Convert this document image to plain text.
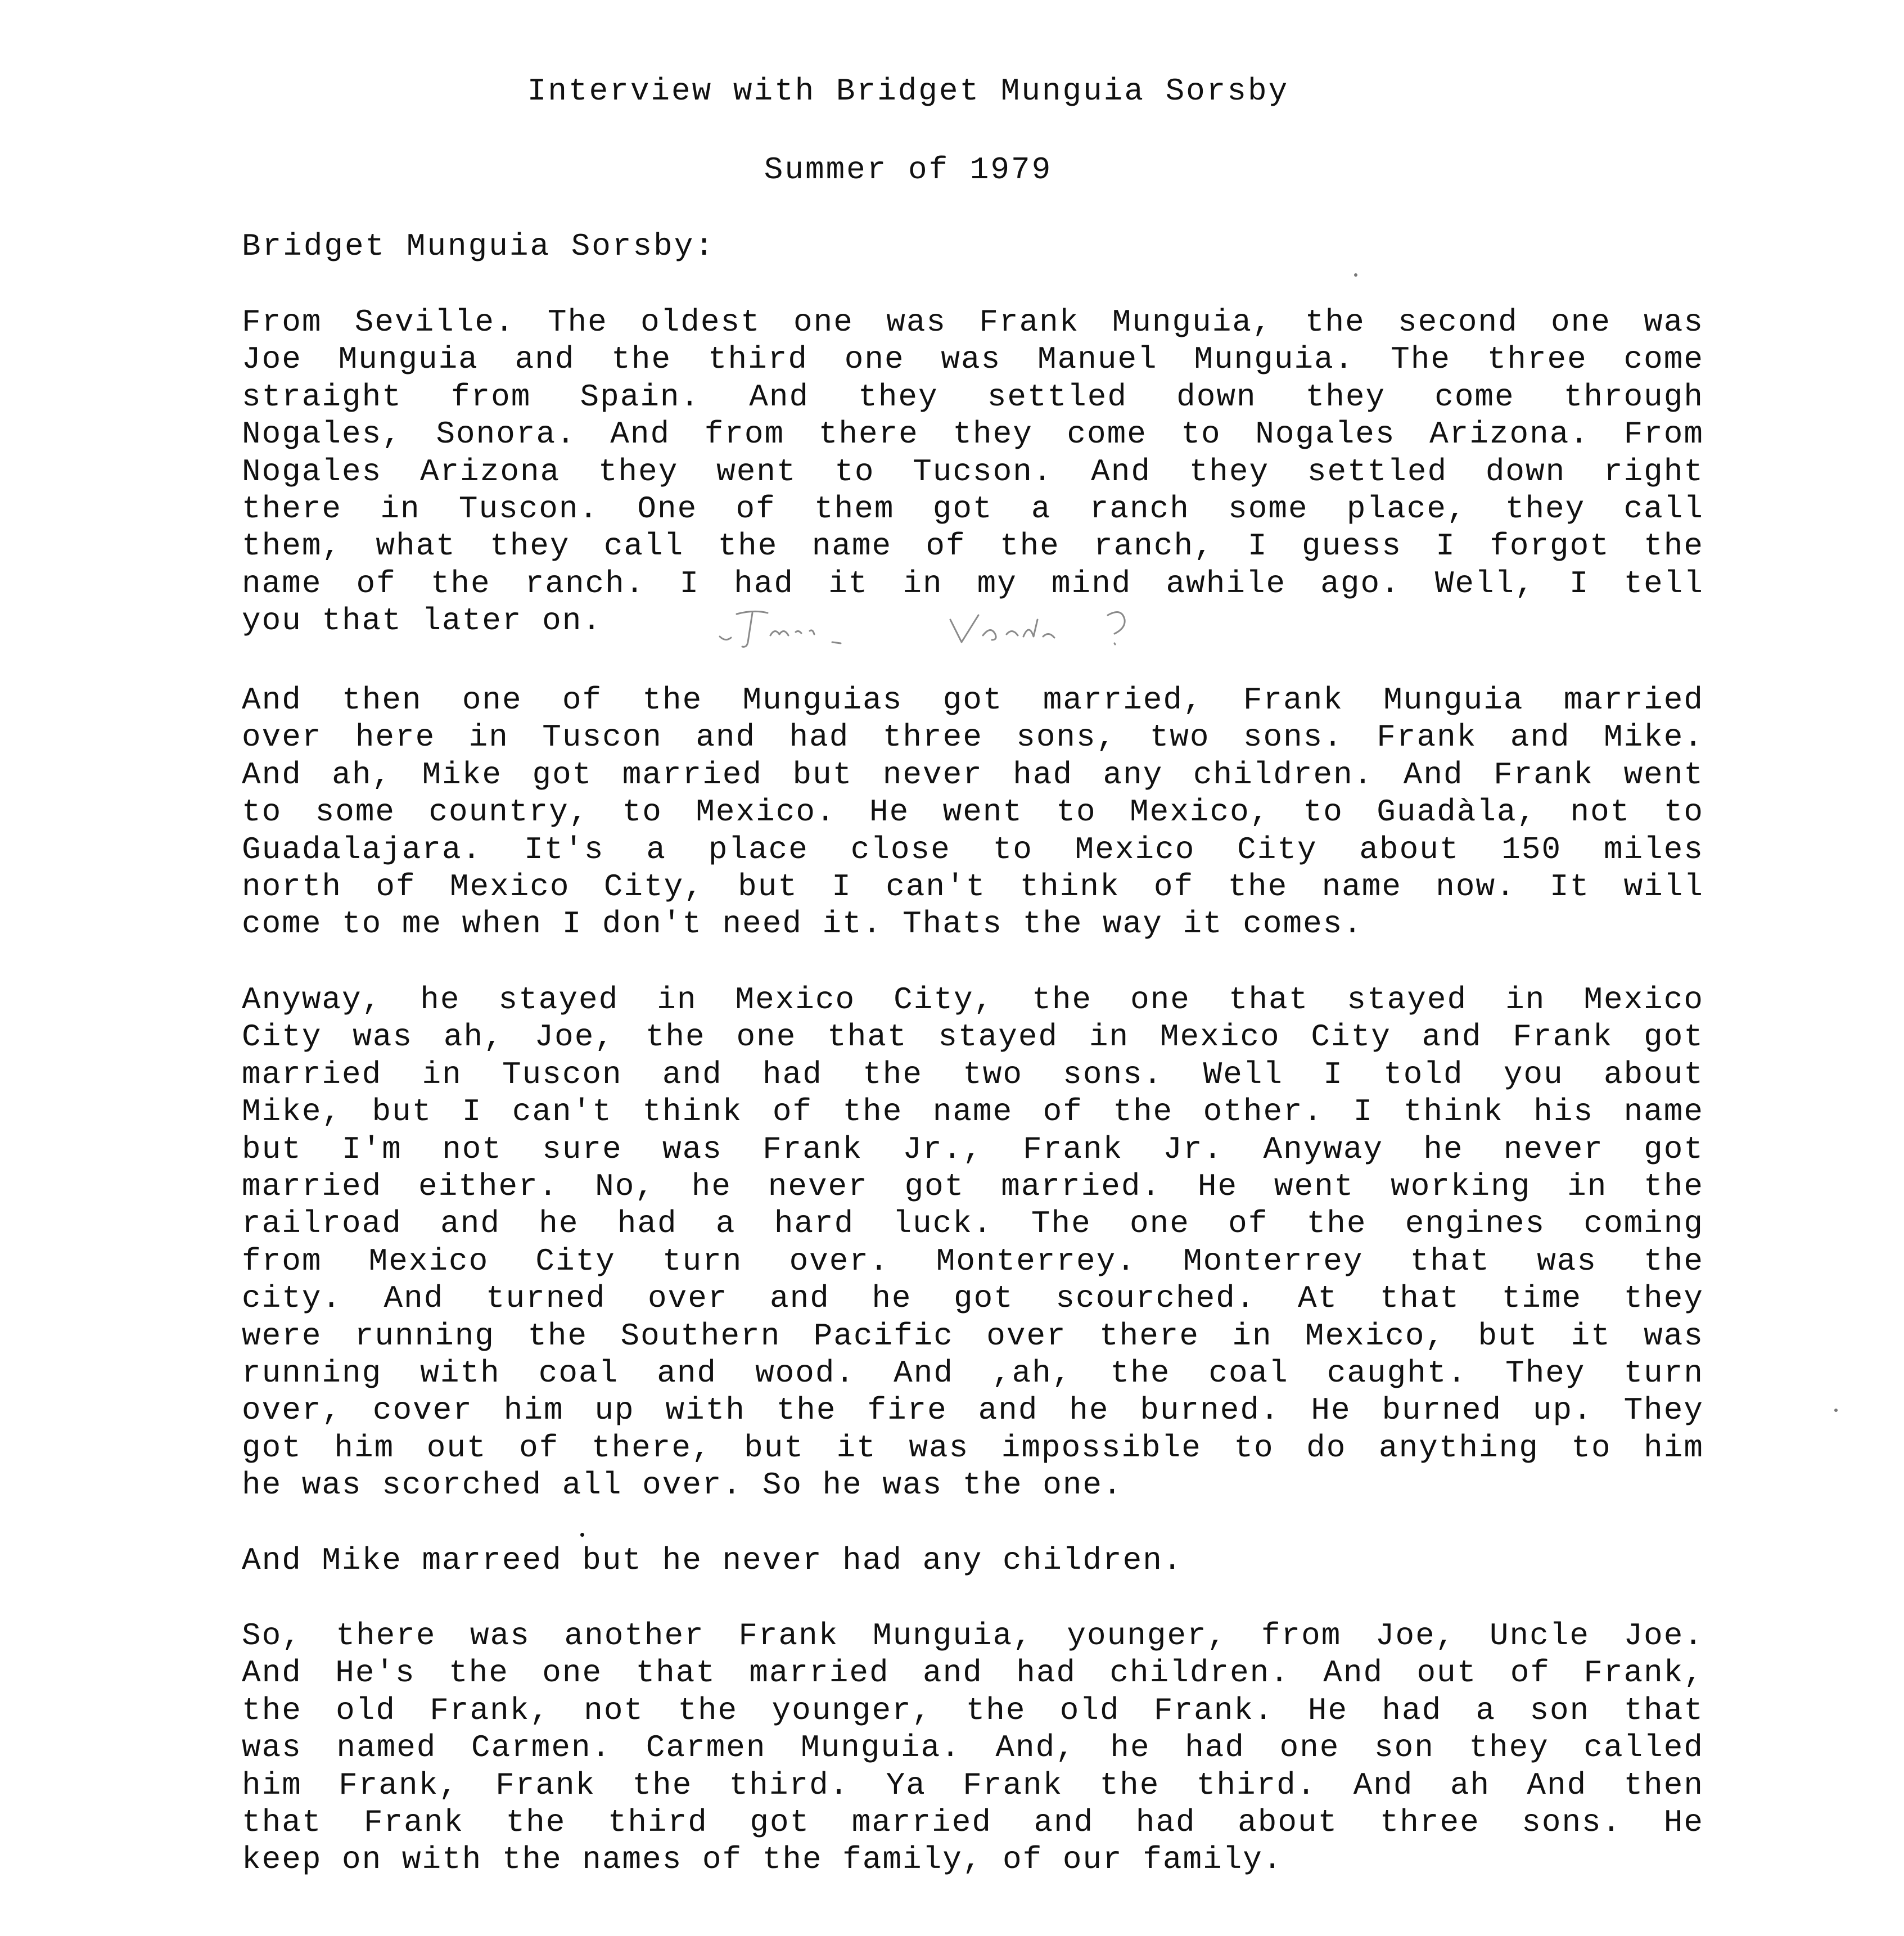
Interview with Bridget Munguia Sorsby
Summer of 1979
Bridget Munguia Sorsby:
From Seville. The oldest one was Frank Munguia, the second one was
Joe Munguia and the third one was Manuel Munguia. The three come
straight from Spain. And they settled down they come through
Nogales, Sonora. And from there they come to Nogales Arizona. From
Nogales Arizona they went to Tucson. And they settled down right
there in Tuscon. One of them got a ranch some place, they call
them, what they call the name of the ranch, I guess I forgot the
name of the ranch. I had it in my mind awhile ago. Well, I tell
you that later on.
And then one of the Munguias got married, Frank Munguia married
over here in Tuscon and had three sons, two sons. Frank and Mike.
And ah, Mike got married but never had any children. And Frank went
to some country, to Mexico. He went to Mexico, to Guadàla, not to
Guadalajara. It's a place close to Mexico City about 150 miles
north of Mexico City, but I can't think of the name now. It will
come to me when I don't need it. Thats the way it comes.
Anyway, he stayed in Mexico City, the one that stayed in Mexico
City was ah, Joe, the one that stayed in Mexico City and Frank got
married in Tuscon and had the two sons. Well I told you about
Mike, but I can't think of the name of the other. I think his name
but I'm not sure was Frank Jr., Frank Jr. Anyway he never got
married either. No, he never got married. He went working in the
railroad and he had a hard luck. The one of the engines coming
from Mexico City turn over. Monterrey. Monterrey that was the
city. And turned over and he got scourched. At that time they
were running the Southern Pacific over there in Mexico, but it was
running with coal and wood. And ,ah, the coal caught. They turn
over, cover him up with the fire and he burned. He burned up. They
got him out of there, but it was impossible to do anything to him
he was scorched all over. So he was the one.
And Mike marreed but he never had any children.
So, there was another Frank Munguia, younger, from Joe, Uncle Joe.
And He's the one that married and had children. And out of Frank,
the old Frank, not the younger, the old Frank. He had a son that
was named Carmen. Carmen Munguia. And, he had one son they called
him Frank, Frank the third. Ya Frank the third. And ah And then
that Frank the third got married and had about three sons. He
keep on with the names of the family, of our family.
